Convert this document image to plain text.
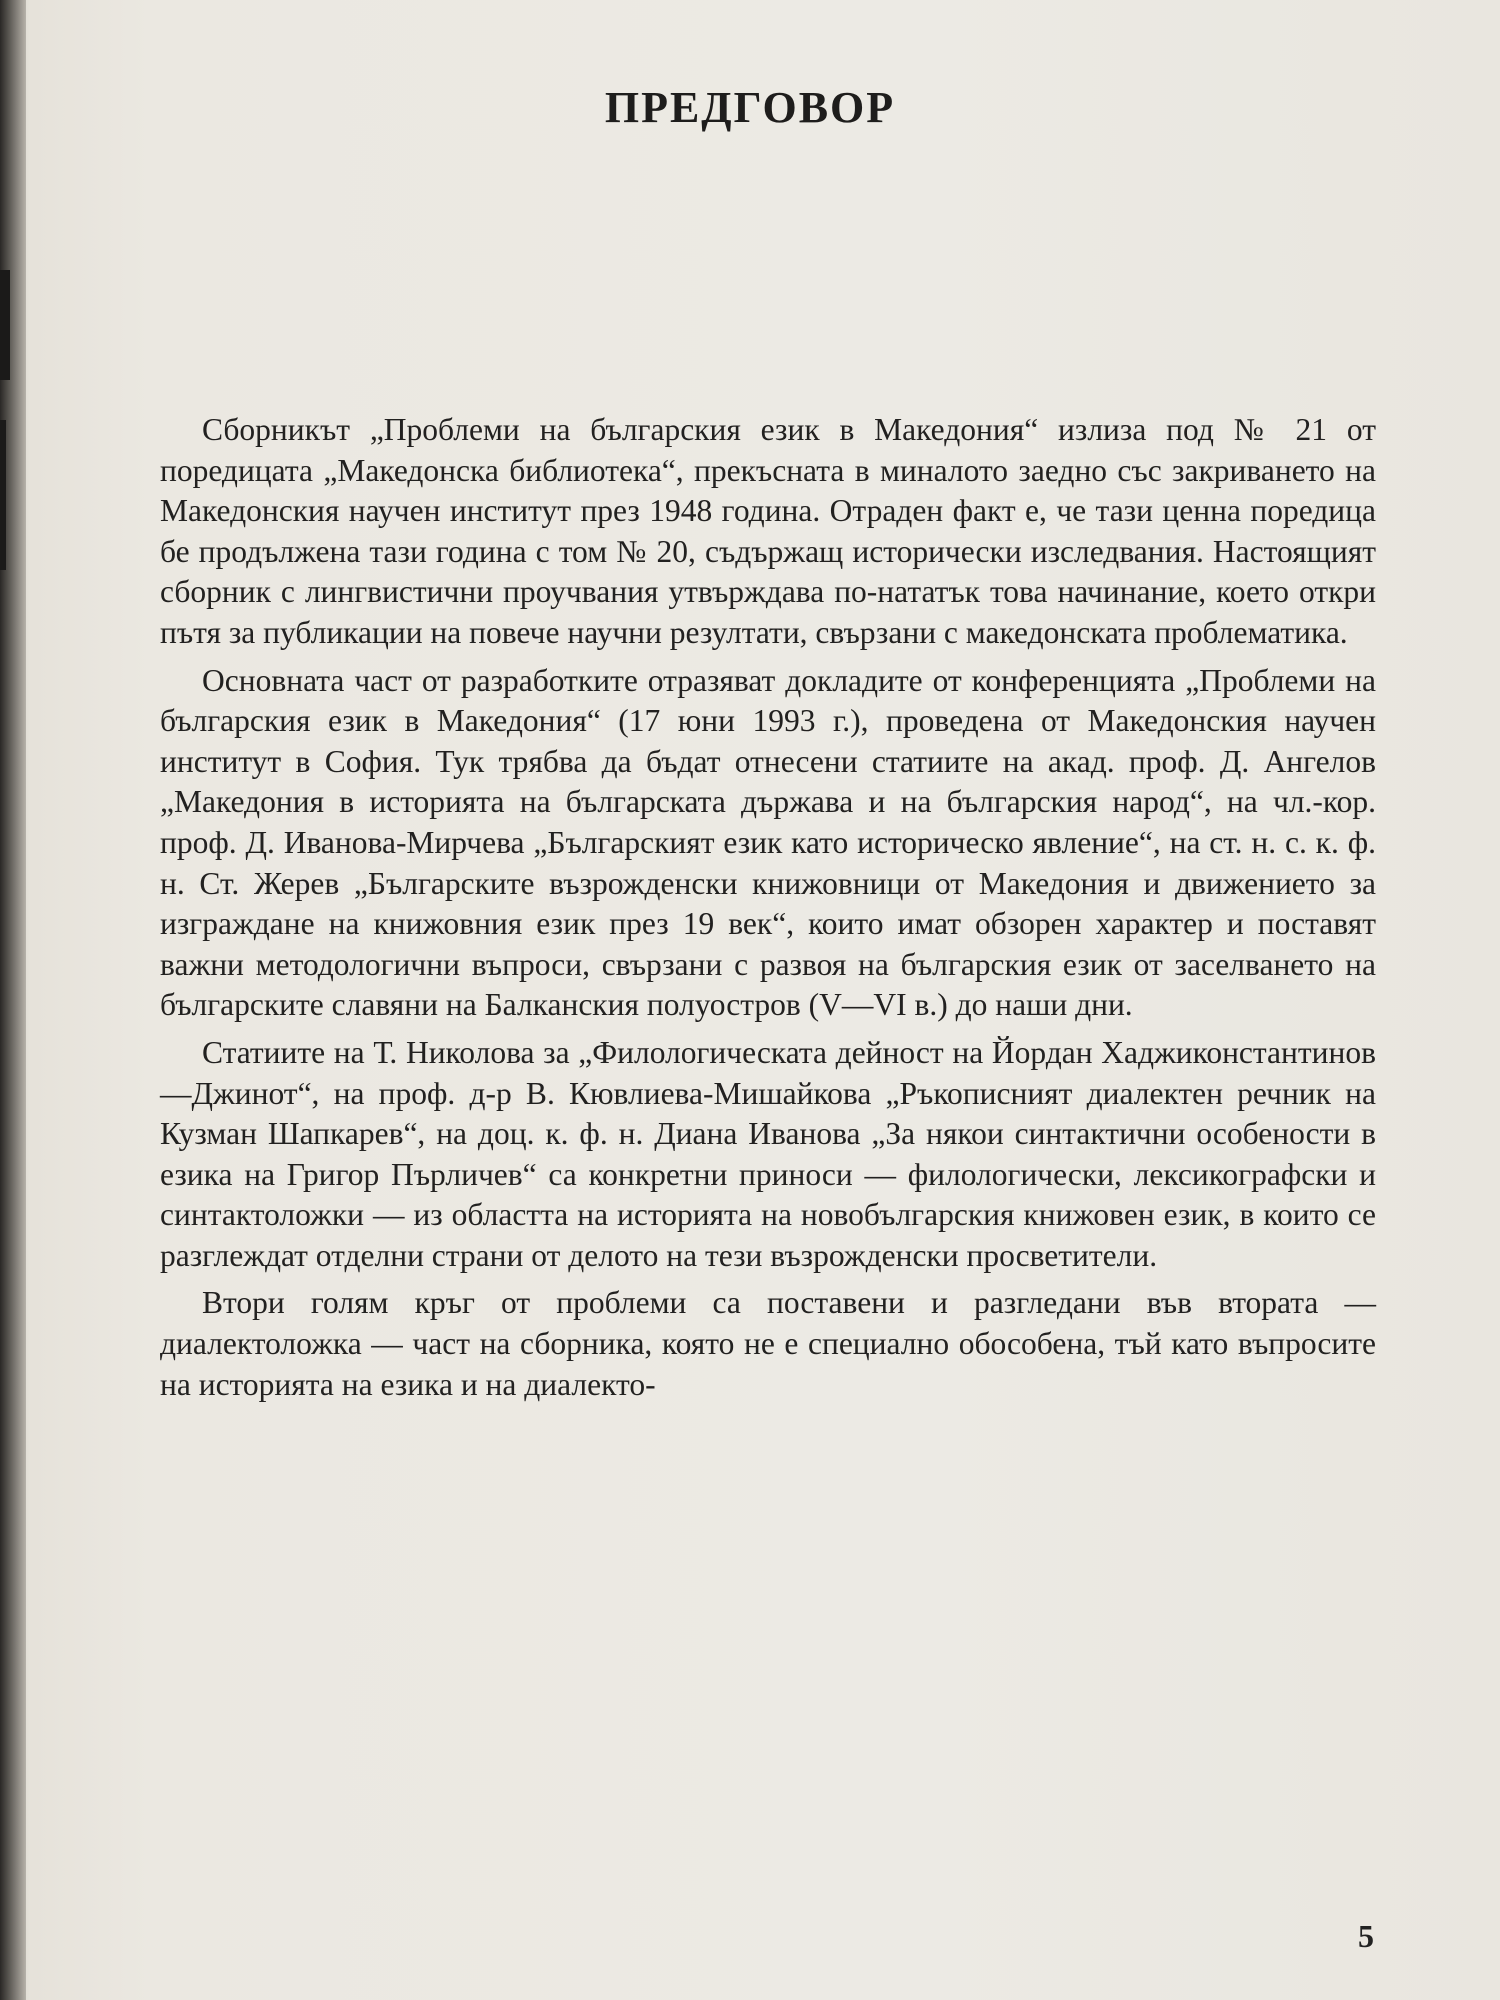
ПРЕДГОВОР

Сборникът „Проблеми на българския език в Македония“ излиза под № 21 от поредицата „Македонска библиотека“, прекъсната в миналото заедно със закриването на Македонския научен институт през 1948 година. Отраден факт е, че тази ценна поредица бе продължена тази година с том № 20, съдържащ исторически изследвания. Настоящият сборник с лингвистични проучвания утвърждава по-нататък това начинание, което откри пътя за публикации на повече научни резултати, свързани с македонската проблематика.

Основната част от разработките отразяват докладите от конференцията „Проблеми на българския език в Македония“ (17 юни 1993 г.), проведена от Македонския научен институт в София. Тук трябва да бъдат отнесени статиите на акад. проф. Д. Ангелов „Македония в историята на българската държава и на българския народ“, на чл.-кор. проф. Д. Иванова-Мирчева „Българският език като историческо явление“, на ст. н. с. к. ф. н. Ст. Жерев „Българските възрожденски книжовници от Македония и движението за изграждане на книжовния език през 19 век“, които имат обзорен характер и поставят важни методологични въпроси, свързани с развоя на българския език от заселването на българските славяни на Балканския полуостров (V—VI в.) до наши дни.

Статиите на Т. Николова за „Филологическата дейност на Йордан Хаджиконстантинов—Джинот“, на проф. д-р В. Кювлиева-Мишайкова „Ръкописният диалектен речник на Кузман Шапкарев“, на доц. к. ф. н. Диана Иванова „За някои синтактични особености в езика на Григор Пърличев“ са конкретни приноси — филологически, лексикографски и синтактоложки — из областта на историята на новобългарския книжовен език, в които се разглеждат отделни страни от делото на тези възрожденски просветители.

Втори голям кръг от проблеми са поставени и разгледани във втората — диалектоложка — част на сборника, която не е специално обособена, тъй като въпросите на историята на езика и на диалекто-

5
